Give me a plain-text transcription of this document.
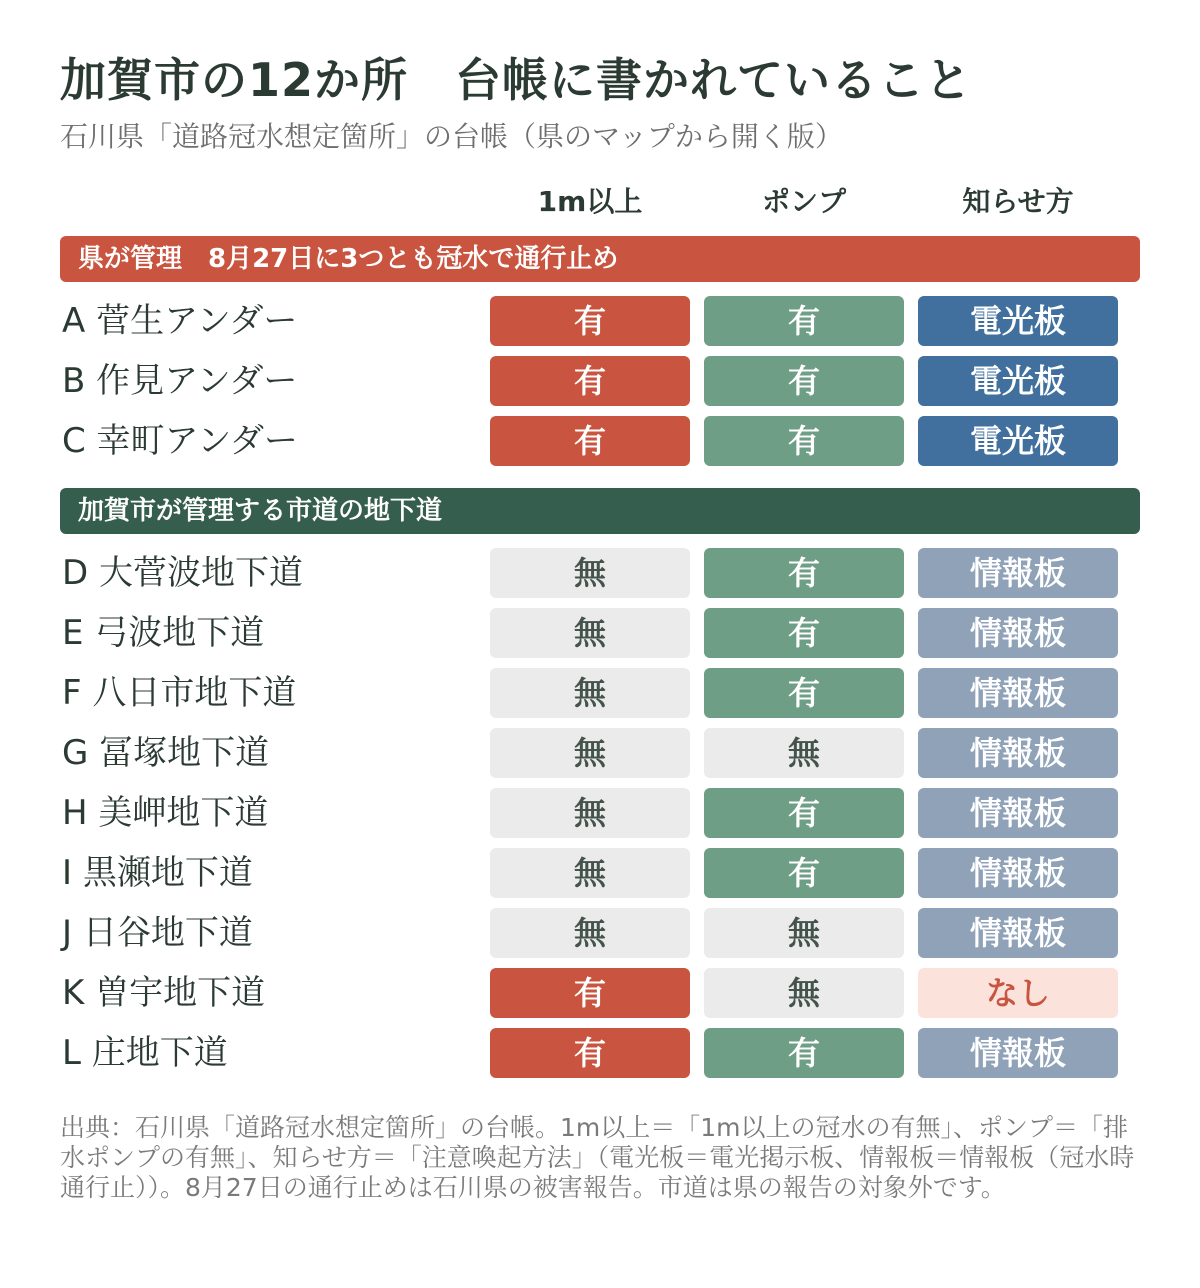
加賀市の12か所　台帳に書かれていること
石川県「道路冠水想定箇所」の台帳（県のマップから開く版）
1m以上	ポンプ	知らせ方
県が管理　8月27日に3つとも冠水で通行止め
A 菅生アンダー	有	有	電光板
B 作見アンダー	有	有	電光板
C 幸町アンダー	有	有	電光板
加賀市が管理する市道の地下道
D 大菅波地下道	無	有	情報板
E 弓波地下道	無	有	情報板
F 八日市地下道	無	有	情報板
G 冨塚地下道	無	無	情報板
H 美岬地下道	無	有	情報板
I 黒瀬地下道	無	有	情報板
J 日谷地下道	無	無	情報板
K 曽宇地下道	有	無	なし
L 庄地下道	有	有	情報板
出典：石川県「道路冠水想定箇所」の台帳。1m以上＝「1m以上の冠水の有無」、ポンプ＝「排水ポンプの有無」、知らせ方＝「注意喚起方法」（電光板＝電光掲示板、情報板＝情報板（冠水時通行止））。8月27日の通行止めは石川県の被害報告。市道は県の報告の対象外です。
